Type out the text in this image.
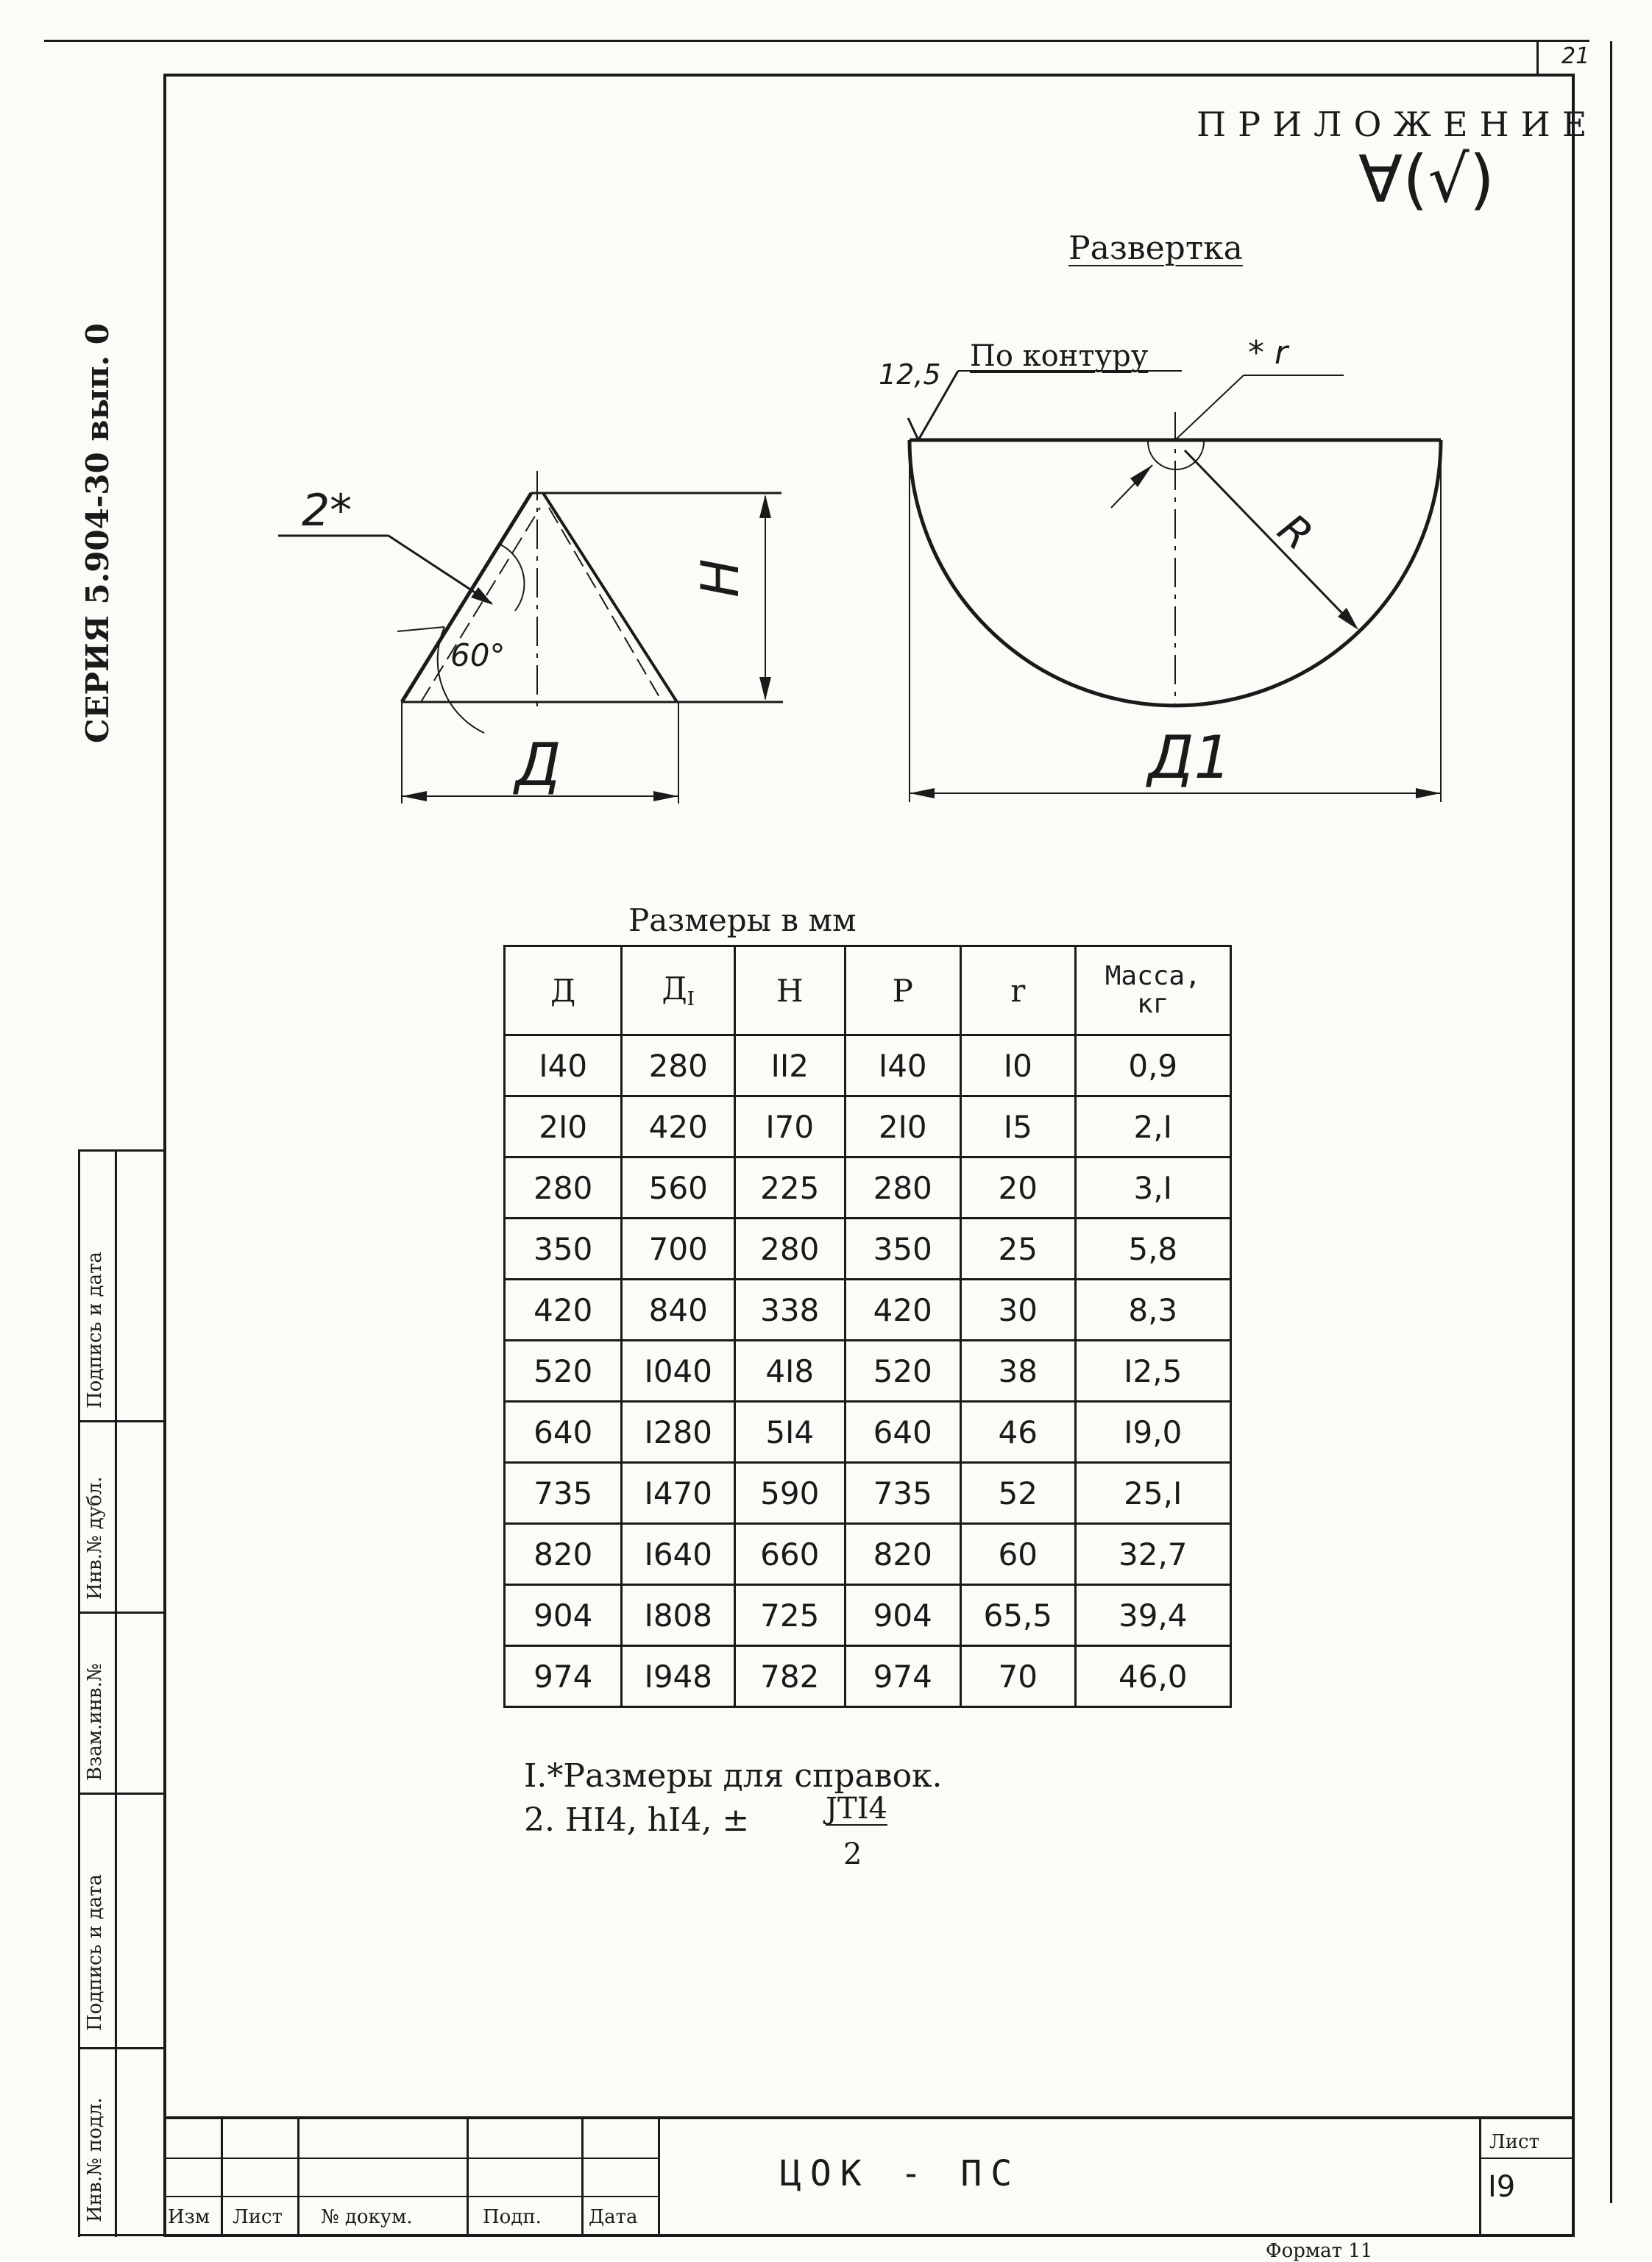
21
СЕРИЯ 5.904-30 вып. 0
ПРИЛОЖЕНИЕ
∀(√)
Развертка
2*
60°
H
Д
12,5
По контуру	* r
R
Д1
Размеры в мм
Д	$Д_I$	Н	Р	r	Масса,
кг

I40	280	II2	I40	I0	0,9
2I0	420	I70	2I0	I5	2,I
280	560	225	280	20	3,I
350	700	280	350	25	5,8
420	840	338	420	30	8,3
520	I040	4I8	520	38	I2,5
640	I280	5I4	640	46	I9,0
735	I470	590	735	52	25,I
820	I640	660	820	60	32,7
904	I808	725	904	65,5	39,4
974	I948	782	974	70	46,0
I.*Размеры для справок.
2. НI4, hI4, ±	JTI4
2
Инв.№ подл.
Подпись и дата
Взам.инв.№
Инв.№ дубл.
Подпись и дата
Изм Лист № докум.	Подп. Дата
ЦОК - ПС
Лист
I9
Формат 11
